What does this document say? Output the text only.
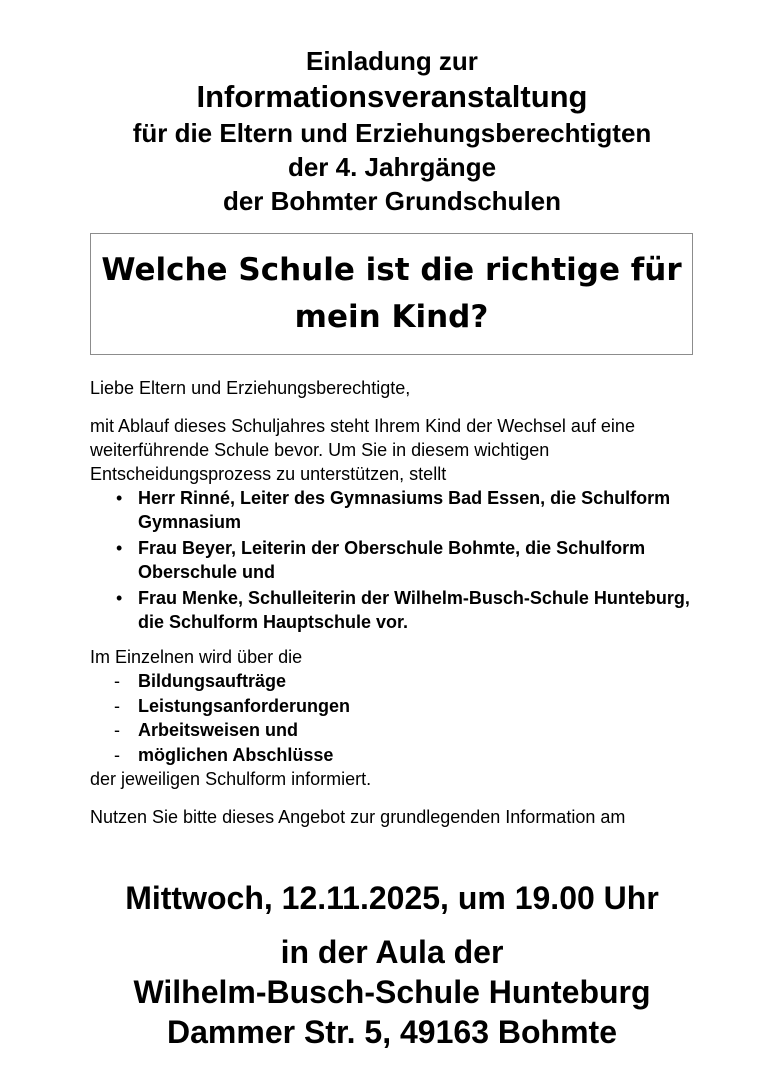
Einladung zur
Informationsveranstaltung
für die Eltern und Erziehungsberechtigten
der 4. Jahrgänge
der Bohmter Grundschulen
Welche Schule ist die richtige für mein Kind?

Liebe Eltern und Erziehungsberechtigte,

mit Ablauf dieses Schuljahres steht Ihrem Kind der Wechsel auf eine weiterführende Schule bevor. Um Sie in diesem wichtigen Entscheidungsprozess zu unterstützen, stellt

• Herr Rinné, Leiter des Gymnasiums Bad Essen, die Schulform Gymnasium
• Frau Beyer, Leiterin der Oberschule Bohmte, die Schulform Oberschule und
• Frau Menke, Schulleiterin der Wilhelm-Busch-Schule Hunteburg, die Schulform Hauptschule vor.

Im Einzelnen wird über die

- Bildungsaufträge
- Leistungsanforderungen
- Arbeitsweisen und
- möglichen Abschlüsse

der jeweiligen Schulform informiert.

Nutzen Sie bitte dieses Angebot zur grundlegenden Information am

Mittwoch, 12.11.2025, um 19.00 Uhr
in der Aula der
Wilhelm-Busch-Schule Hunteburg
Dammer Str. 5, 49163 Bohmte
